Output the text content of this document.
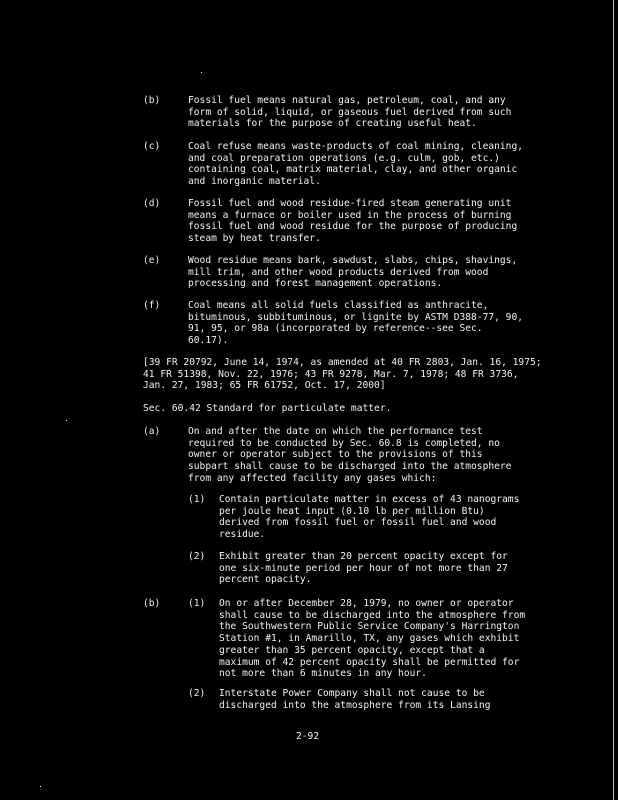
(b)	Fossil fuel means natural gas, petroleum, coal, and any
form of solid, liquid, or gaseous fuel derived from such
materials for the purpose of creating useful heat.
(c)	Coal refuse means waste-products of coal mining, cleaning,
and coal preparation operations (e.g. culm, gob, etc.)
containing coal, matrix material, clay, and other organic
and inorganic material.
(d)	Fossil fuel and wood residue-fired steam generating unit
means a furnace or boiler used in the process of burning
fossil fuel and wood residue for the purpose of producing
steam by heat transfer.
(e)	Wood residue means bark, sawdust, slabs, chips, shavings,
mill trim, and other wood products derived from wood
processing and forest management operations.
(f)	Coal means all solid fuels classified as anthracite,
bituminous, subbituminous, or lignite by ASTM D388-77, 90,
91, 95, or 98a (incorporated by reference--see Sec.
60.17).
[39 FR 20792, June 14, 1974, as amended at 40 FR 2803, Jan. 16, 1975;
41 FR 51398, Nov. 22, 1976; 43 FR 9278, Mar. 7, 1978; 48 FR 3736,
Jan. 27, 1983; 65 FR 61752, Oct. 17, 2000]
Sec. 60.42 Standard for particulate matter.
(a)	On and after the date on which the performance test
required to be conducted by Sec. 60.8 is completed, no
owner or operator subject to the provisions of this
subpart shall cause to be discharged into the atmosphere
from any affected facility any gases which:
(1) Contain particulate matter in excess of 43 nanograms
per joule heat input (0.10 lb per million Btu)
derived from fossil fuel or fossil fuel and wood
residue.
(2) Exhibit greater than 20 percent opacity except for
one six-minute period per hour of not more than 27
percent opacity.
(b)	(1) On or after December 28, 1979, no owner or operator
shall cause to be discharged into the atmosphere from
the Southwestern Public Service Company's Harrington
Station #1, in Amarillo, TX, any gases which exhibit
greater than 35 percent opacity, except that a
maximum of 42 percent opacity shall be permitted for
not more than 6 minutes in any hour.
(2) Interstate Power Company shall not cause to be
discharged into the atmosphere from its Lansing
2-92
